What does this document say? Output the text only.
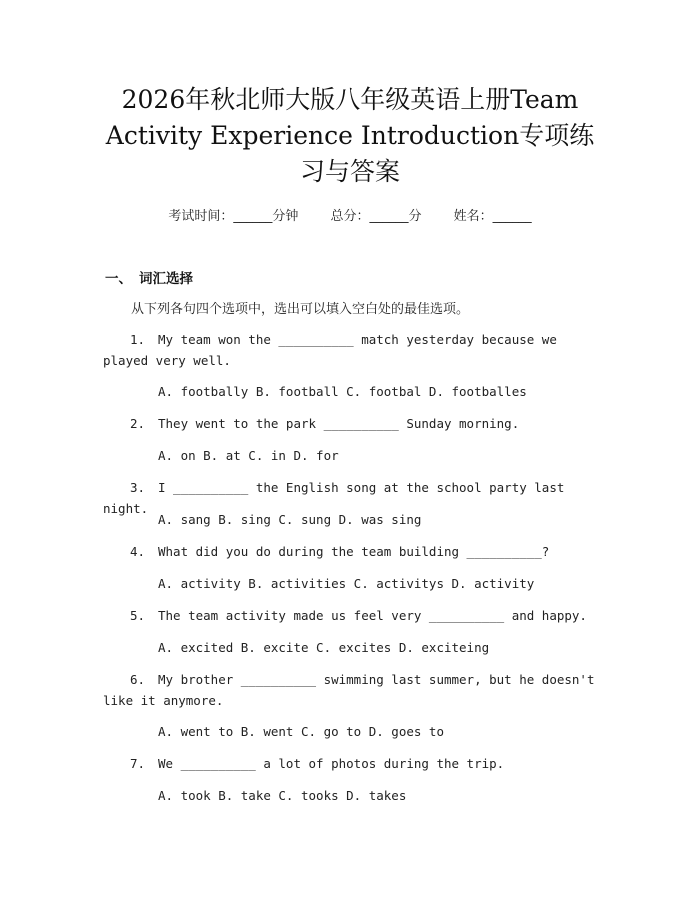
2026年秋北师大版八年级英语上册Team
Activity Experience Introduction专项练
习与答案
考试时间：______分钟 总分：______分 姓名：______
一、 词汇选择
从下列各句四个选项中，选出可以填入空白处的最佳选项。
1. My team won the __________ match yesterday because we played very well.
A. footbally B. football C. footbal D. footballes
2. They went to the park __________ Sunday morning.
A. on B. at C. in D. for
3. I __________ the English song at the school party last night.
A. sang B. sing C. sung D. was sing
4. What did you do during the team building __________?
A. activity B. activities C. activitys D. activity
5. The team activity made us feel very __________ and happy.
A. excited B. excite C. excites D. exciteing
6. My brother __________ swimming last summer, but he doesn't like it anymore.
A. went to B. went C. go to D. goes to
7. We __________ a lot of photos during the trip.
A. took B. take C. tooks D. takes
